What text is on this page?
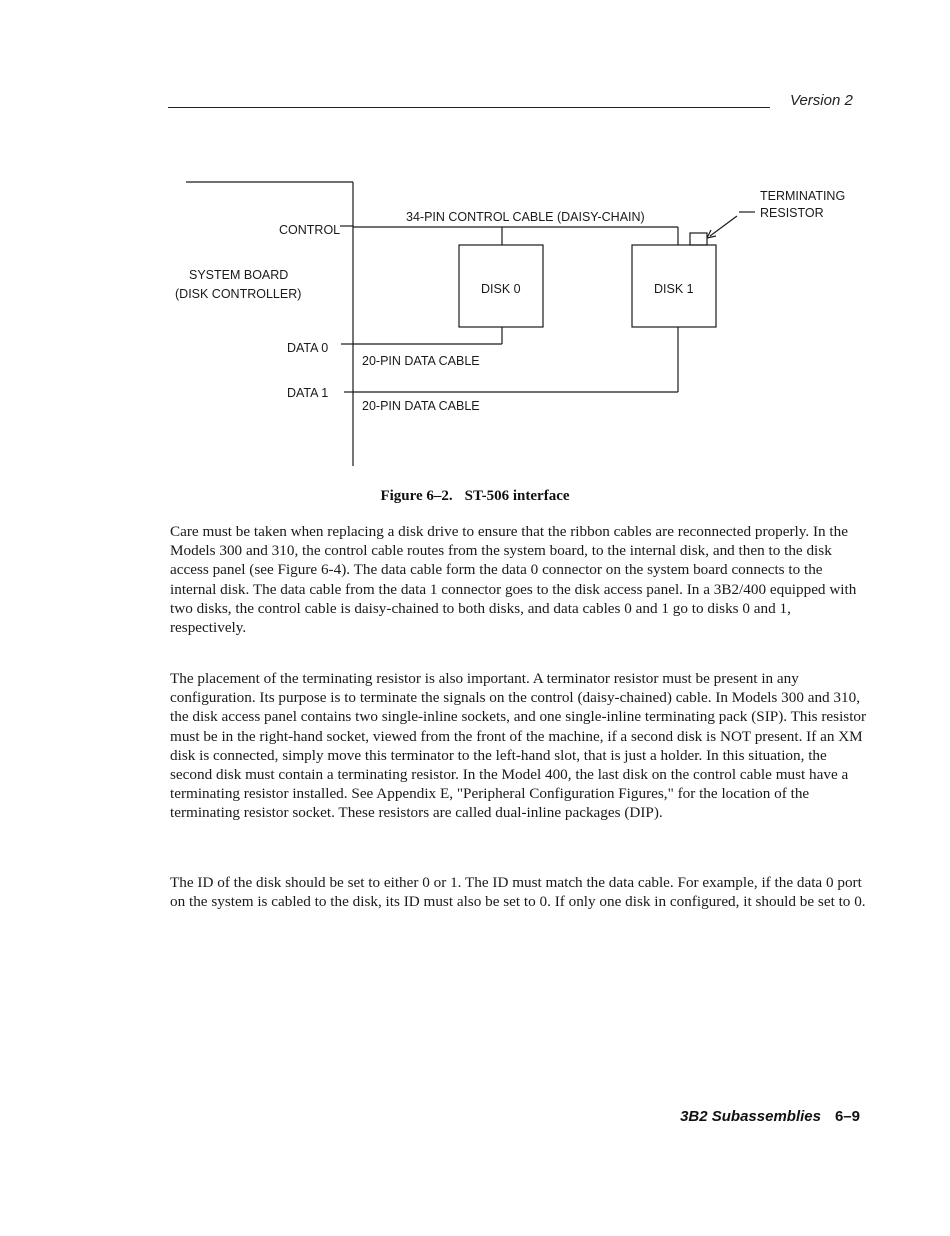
Version 2
SYSTEM BOARD
(DISK CONTROLLER)
CONTROL
DATA 0
DATA 1
34-PIN CONTROL CABLE (DAISY-CHAIN)
DISK 0	DISK 1
TERMINATING
RESISTOR
20-PIN DATA CABLE
20-PIN DATA CABLE
Figure 6–2. ST-506 interface

Care must be taken when replacing a disk drive to ensure that the ribbon cables are reconnected properly. In the Models 300 and 310, the control cable routes from the system board, to the internal disk, and then to the disk access panel (see Figure 6-4). The data cable form the data 0 connector on the system board connects to the internal disk. The data cable from the data 1 connector goes to the disk access panel. In a 3B2/400 equipped with two disks, the control cable is daisy-chained to both disks, and data cables 0 and 1 go to disks 0 and 1, respectively.

The placement of the terminating resistor is also important. A terminator resistor must be present in any configuration. Its purpose is to terminate the signals on the control (daisy-chained) cable. In Models 300 and 310, the disk access panel contains two single-inline sockets, and one single-inline terminating pack (SIP). This resistor must be in the right-hand socket, viewed from the front of the machine, if a second disk is NOT present. If an XM disk is connected, simply move this terminator to the left-hand slot, that is just a holder. In this situation, the second disk must contain a terminating resistor. In the Model 400, the last disk on the control cable must have a terminating resistor installed. See Appendix E, "Peripheral Configuration Figures," for the location of the terminating resistor socket. These resistors are called dual-inline packages (DIP).

The ID of the disk should be set to either 0 or 1. The ID must match the data cable. For example, if the data 0 port on the system is cabled to the disk, its ID must also be set to 0. If only one disk in configured, it should be set to 0.

3B2 Subassemblies 6–9
